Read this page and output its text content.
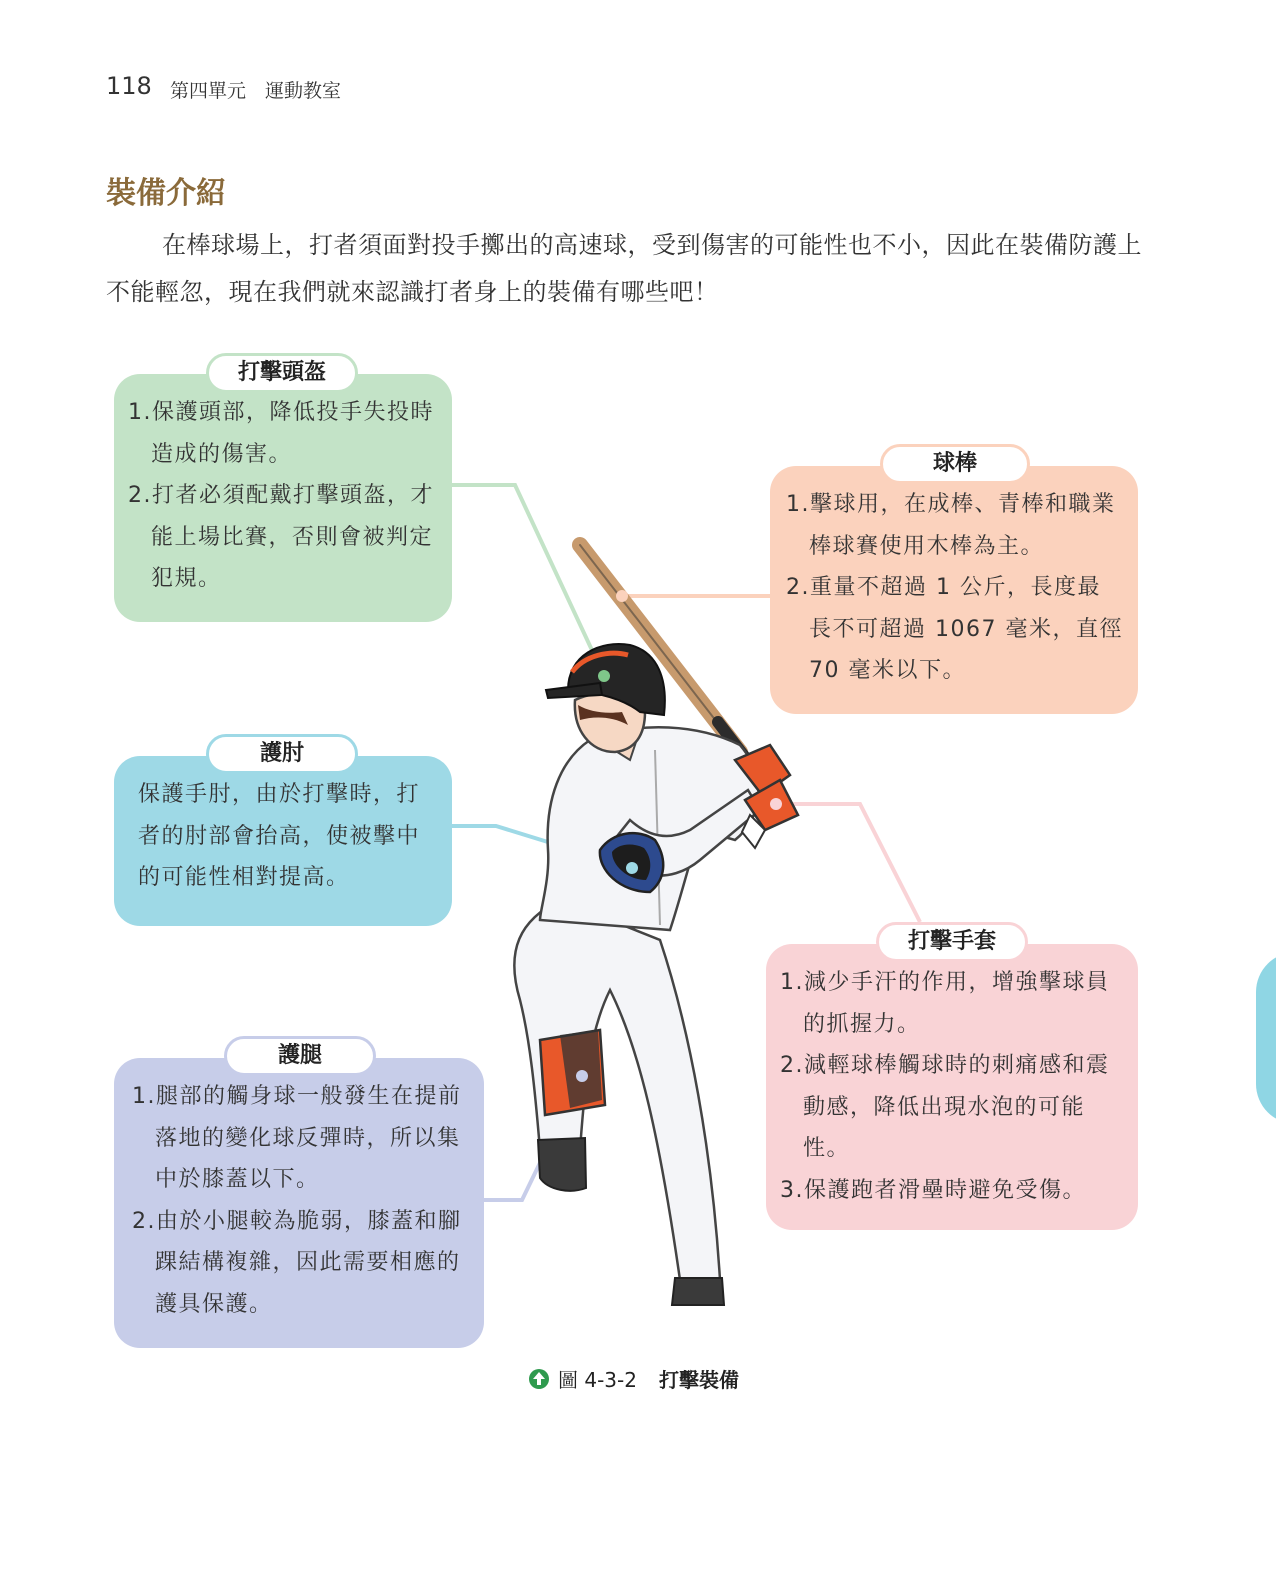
118 第四單元　運動教室
裝備介紹

在棒球場上，打者須面對投手擲出的高速球，受到傷害的可能性也不小，因此在裝備防護上不能輕忽，現在我們就來認識打者身上的裝備有哪些吧！

1.保護頭部，降低投手失投時造成的傷害。
2.打者必須配戴打擊頭盔，才能上場比賽，否則會被判定犯規。
打擊頭盔
1.擊球用，在成棒、青棒和職業棒球賽使用木棒為主。
2.重量不超過 1 公斤，長度最長不可超過 1067 毫米，直徑 70 毫米以下。
球棒

保護手肘，由於打擊時，打者的肘部會抬高，使被擊中的可能性相對提高。

護肘
1.減少手汗的作用，增強擊球員的抓握力。
2.減輕球棒觸球時的刺痛感和震動感，降低出現水泡的可能性。
3.保護跑者滑壘時避免受傷。
打擊手套
1.腿部的觸身球一般發生在提前落地的變化球反彈時，所以集中於膝蓋以下。
2.由於小腿較為脆弱，膝蓋和腳踝結構複雜，因此需要相應的護具保護。
護腿
圖 4-3-2 打擊裝備
